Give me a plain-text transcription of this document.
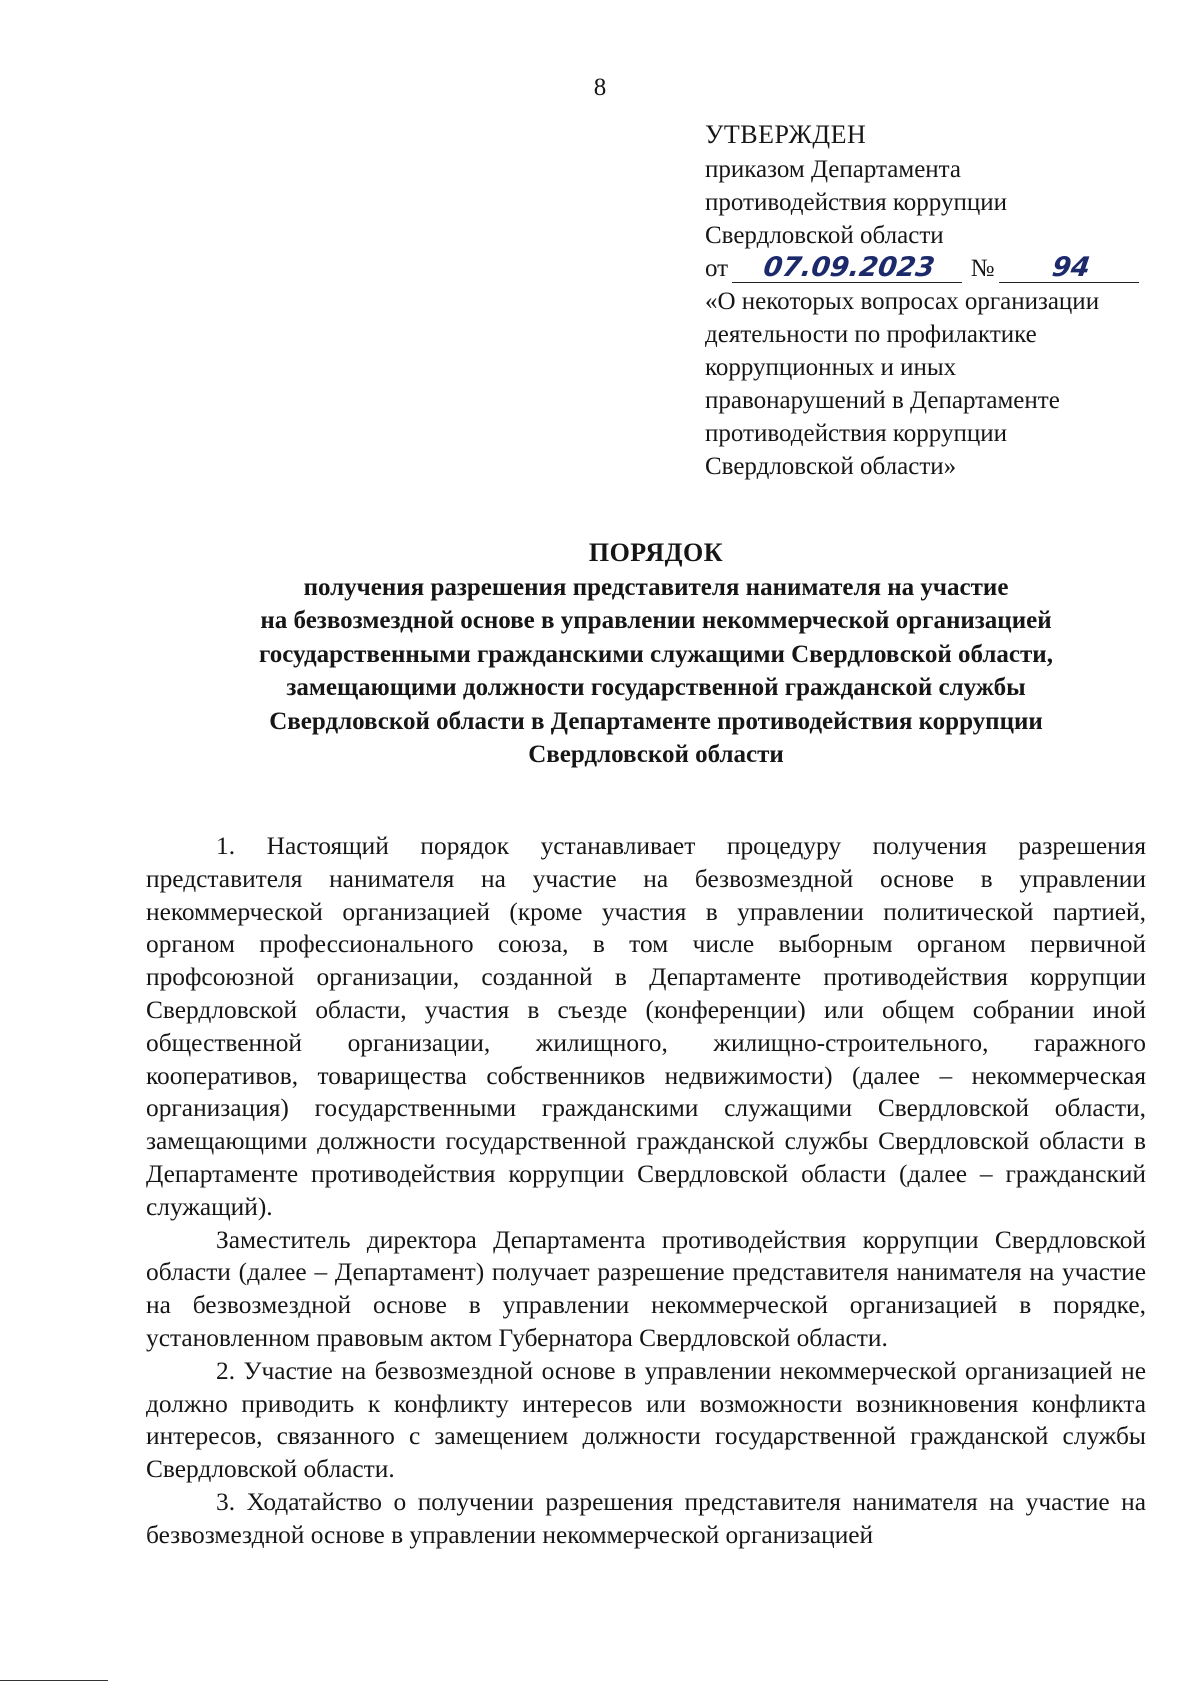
8
УТВЕРЖДЕН
приказом Департамента
противодействия коррупции
Свердловской области
от 07.09.2023 № 94
«О некоторых вопросах организации
деятельности по профилактике
коррупционных и иных
правонарушений в Департаменте
противодействия коррупции
Свердловской области»
ПОРЯДОК
получения разрешения представителя нанимателя на участие
на безвозмездной основе в управлении некоммерческой организацией
государственными гражданскими служащими Свердловской области,
замещающими должности государственной гражданской службы
Свердловской области в Департаменте противодействия коррупции
Свердловской области

1. Настоящий порядок устанавливает процедуру получения разрешения представителя нанимателя на участие на безвозмездной основе в управлении некоммерческой организацией (кроме участия в управлении политической партией, органом профессионального союза, в том числе выборным органом первичной профсоюзной организации, созданной в Департаменте противодействия коррупции Свердловской области, участия в съезде (конференции) или общем собрании иной общественной организации, жилищного, жилищно-строительного, гаражного кооперативов, товарищества собственников недвижимости) (далее – некоммерческая организация) государственными гражданскими служащими Свердловской области, замещающими должности государственной гражданской службы Свердловской области в Департаменте противодействия коррупции Свердловской области (далее – гражданский служащий).

Заместитель директора Департамента противодействия коррупции Свердловской области (далее – Департамент) получает разрешение представителя нанимателя на участие на безвозмездной основе в управлении некоммерческой организацией в порядке, установленном правовым актом Губернатора Свердловской области.

2. Участие на безвозмездной основе в управлении некоммерческой организацией не должно приводить к конфликту интересов или возможности возникновения конфликта интересов, связанного с замещением должности государственной гражданской службы Свердловской области.

3. Ходатайство о получении разрешения представителя нанимателя на участие на безвозмездной основе в управлении некоммерческой организацией
